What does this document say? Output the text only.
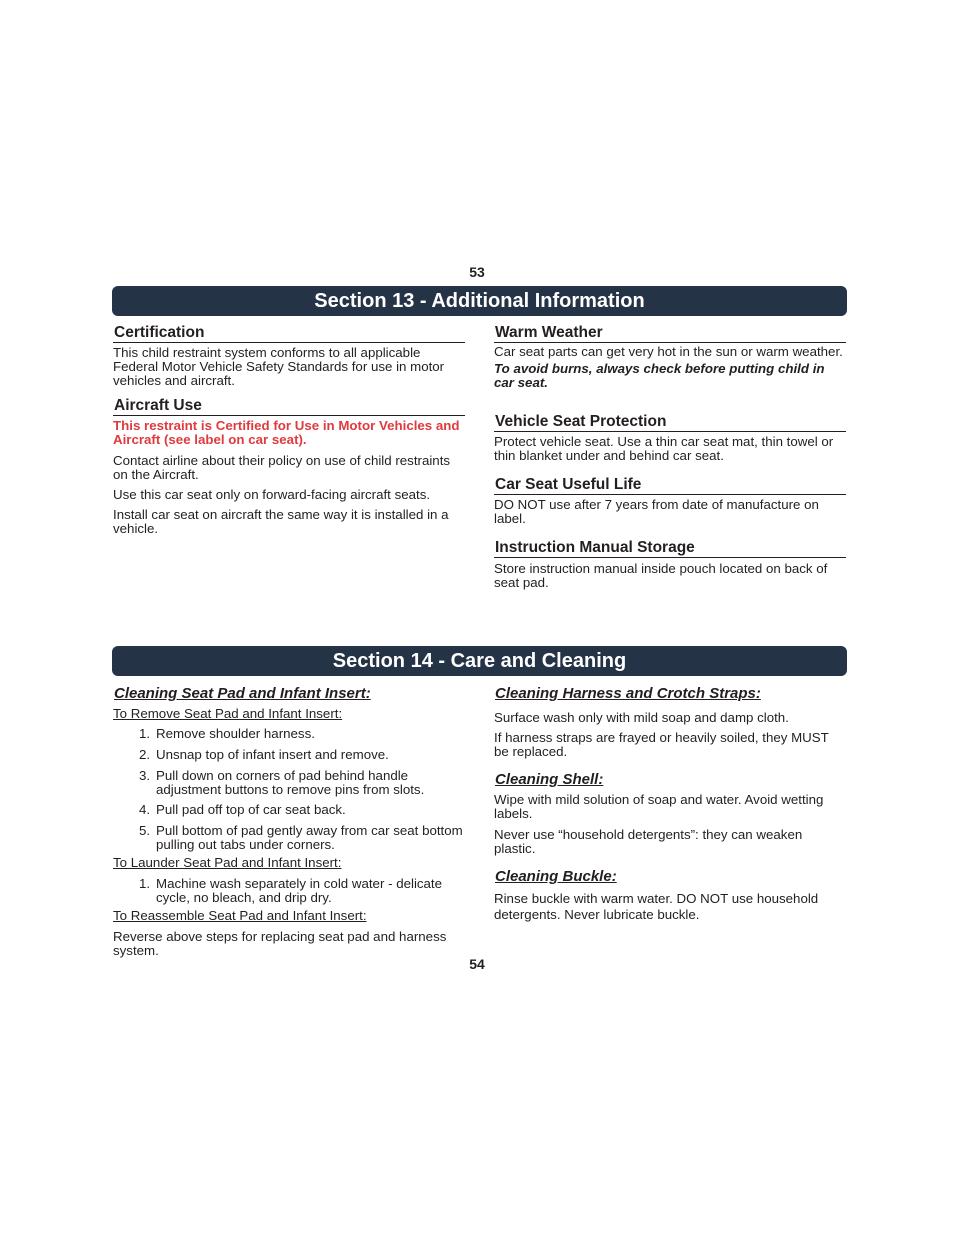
53
Section 13 - Additional Information
Certification

This child restraint system conforms to all applicable Federal Motor Vehicle Safety Standards for use in motor vehicles and aircraft.

Aircraft Use

This restraint is Certified for Use in Motor Vehicles and Aircraft (see label on car seat).

Contact airline about their policy on use of child restraints on the Aircraft.

Use this car seat only on forward-facing aircraft seats.

Install car seat on aircraft the same way it is installed in a vehicle.

Warm Weather

Car seat parts can get very hot in the sun or warm weather.

To avoid burns, always check before putting child in car seat.

Vehicle Seat Protection

Protect vehicle seat. Use a thin car seat mat, thin towel or thin blanket under and behind car seat.

Car Seat Useful Life

DO NOT use after 7 years from date of manufacture on label.

Instruction Manual Storage

Store instruction manual inside pouch located on back of seat pad.

Section 14 - Care and Cleaning
Cleaning Seat Pad and Infant Insert:

To Remove Seat Pad and Infant Insert:

1. Remove shoulder harness.
2. Unsnap top of infant insert and remove.
3. Pull down on corners of pad behind handle adjustment buttons to remove pins from slots.
4. Pull pad off top of car seat back.
5. Pull bottom of pad gently away from car seat bottom pulling out tabs under corners.

To Launder Seat Pad and Infant Insert:

1. Machine wash separately in cold water - delicate cycle, no bleach, and drip dry.

To Reassemble Seat Pad and Infant Insert:

Reverse above steps for replacing seat pad and harness system.

Cleaning Harness and Crotch Straps:

Surface wash only with mild soap and damp cloth.

If harness straps are frayed or heavily soiled, they MUST be replaced.

Cleaning Shell:

Wipe with mild solution of soap and water. Avoid wetting labels.

Never use “household detergents”: they can weaken plastic.

Cleaning Buckle:

Rinse buckle with warm water. DO NOT use household detergents. Never lubricate buckle.

54
